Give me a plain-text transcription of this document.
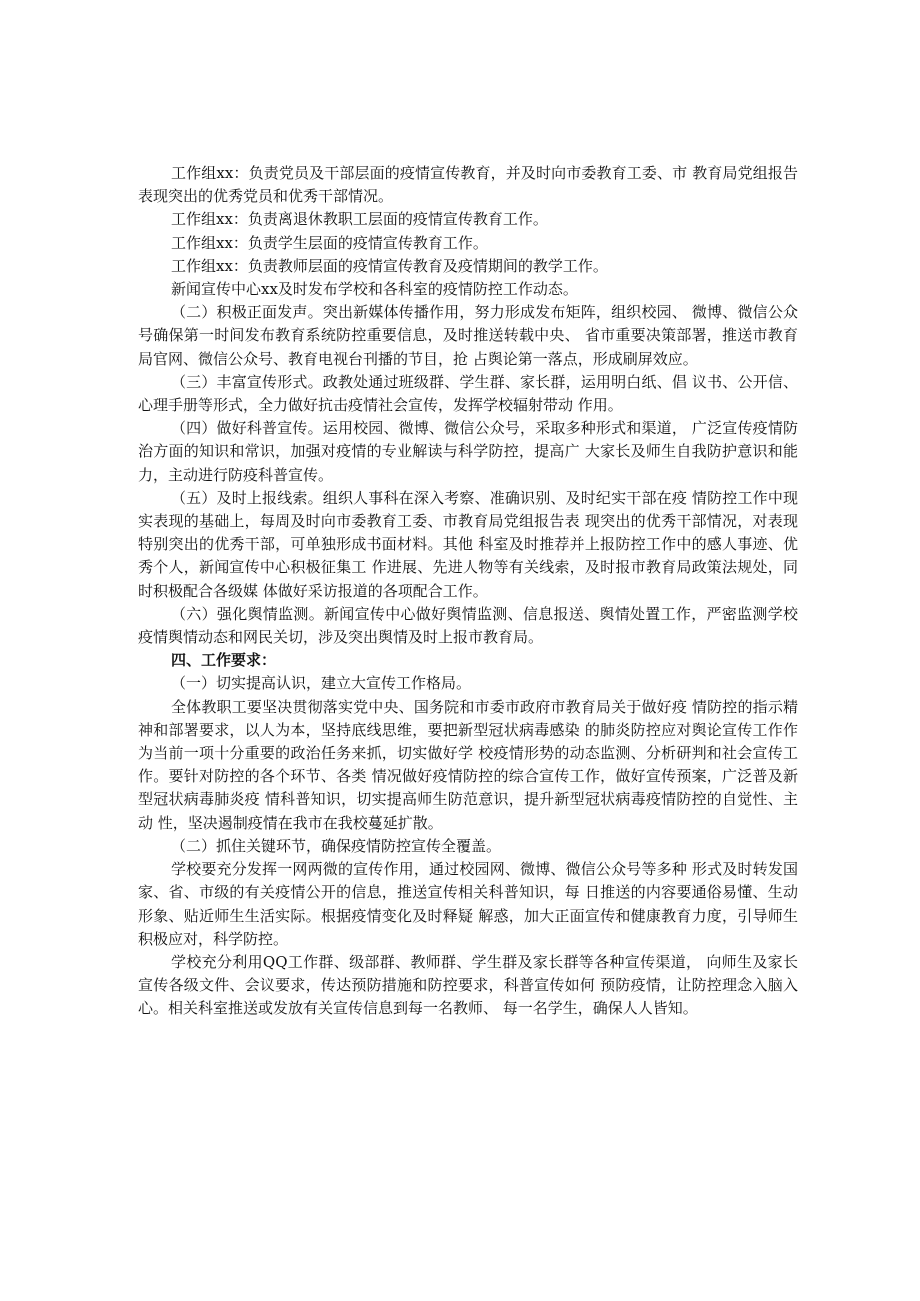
工作组xx：负责党员及干部层面的疫情宣传教育，并及时向市委教育工委、市 教育局党组报告表现突出的优秀党员和优秀干部情况。

工作组xx：负责离退休教职工层面的疫情宣传教育工作。

工作组xx：负责学生层面的疫情宣传教育工作。

工作组xx：负责教师层面的疫情宣传教育及疫情期间的教学工作。

新闻宣传中心xx及时发布学校和各科室的疫情防控工作动态。

（二）积极正面发声。突出新媒体传播作用，努力形成发布矩阵，组织校园、 微博、微信公众号确保第一时间发布教育系统防控重要信息，及时推送转载中央、 省市重要决策部署，推送市教育局官网、微信公众号、教育电视台刊播的节目，抢 占舆论第一落点，形成刷屏效应。

（三）丰富宣传形式。政教处通过班级群、学生群、家长群，运用明白纸、倡 议书、公开信、心理手册等形式，全力做好抗击疫情社会宣传，发挥学校辐射带动 作用。

（四）做好科普宣传。运用校园、微博、微信公众号，采取多种形式和渠道， 广泛宣传疫情防治方面的知识和常识，加强对疫情的专业解读与科学防控，提高广 大家长及师生自我防护意识和能力，主动进行防疫科普宣传。

（五）及时上报线索。组织人事科在深入考察、准确识别、及时纪实干部在疫 情防控工作中现实表现的基础上，每周及时向市委教育工委、市教育局党组报告表 现突出的优秀干部情况，对表现特别突出的优秀干部，可单独形成书面材料。其他 科室及时推荐并上报防控工作中的感人事迹、优秀个人，新闻宣传中心积极征集工 作进展、先进人物等有关线索，及时报市教育局政策法规处，同时积极配合各级媒 体做好采访报道的各项配合工作。

（六）强化舆情监测。新闻宣传中心做好舆情监测、信息报送、舆情处置工作，严密监测学校疫情舆情动态和网民关切，涉及突出舆情及时上报市教育局。

四、工作要求：

（一）切实提高认识，建立大宣传工作格局。

全体教职工要坚决贯彻落实党中央、国务院和市委市政府市教育局关于做好疫 情防控的指示精神和部署要求，以人为本，坚持底线思维，要把新型冠状病毒感染 的肺炎防控应对舆论宣传工作作为当前一项十分重要的政治任务来抓，切实做好学 校疫情形势的动态监测、分析研判和社会宣传工作。要针对防控的各个环节、各类 情况做好疫情防控的综合宣传工作，做好宣传预案，广泛普及新型冠状病毒肺炎疫 情科普知识，切实提高师生防范意识，提升新型冠状病毒疫情防控的自觉性、主动 性，坚决遏制疫情在我市在我校蔓延扩散。

（二）抓住关键环节，确保疫情防控宣传全覆盖。

学校要充分发挥一网两微的宣传作用，通过校园网、微博、微信公众号等多种 形式及时转发国家、省、市级的有关疫情公开的信息，推送宣传相关科普知识，每 日推送的内容要通俗易懂、生动形象、贴近师生生活实际。根据疫情变化及时释疑 解惑，加大正面宣传和健康教育力度，引导师生积极应对，科学防控。

学校充分利用QQ工作群、级部群、教师群、学生群及家长群等各种宣传渠道， 向师生及家长宣传各级文件、会议要求，传达预防措施和防控要求，科普宣传如何 预防疫情，让防控理念入脑入心。相关科室推送或发放有关宣传信息到每一名教师、 每一名学生，确保人人皆知。
